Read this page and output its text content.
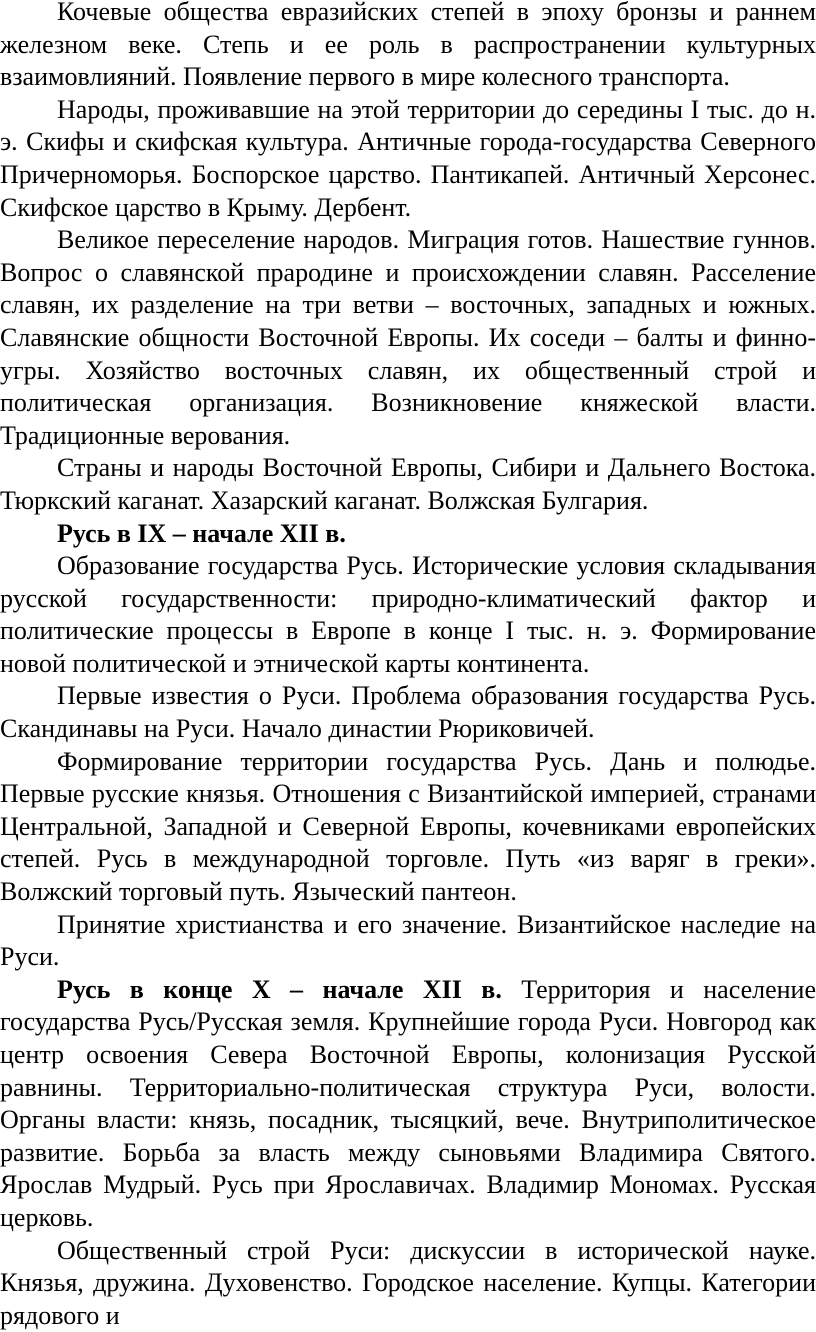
Кочевые общества евразийских степей в эпоху бронзы и раннем железном веке. Степь и ее роль в распространении культурных взаимовлияний. Появление первого в мире колесного транспорта.

Народы, проживавшие на этой территории до середины I тыс. до н. э. Скифы и скифская культура. Античные города-государства Северного Причерноморья. Боспорское царство. Пантикапей. Античный Херсонес. Скифское царство в Крыму. Дербент.

Великое переселение народов. Миграция готов. Нашествие гуннов. Вопрос о славянской прародине и происхождении славян. Расселение славян, их разделение на три ветви – восточных, западных и южных. Славянские общности Восточной Европы. Их соседи – балты и финно-угры. Хозяйство восточных славян, их общественный строй и политическая организация. Возникновение княжеской власти. Традиционные верования.

Страны и народы Восточной Европы, Сибири и Дальнего Востока. Тюркский каганат. Хазарский каганат. Волжская Булгария.

Русь в IX – начале XII в.

Образование государства Русь. Исторические условия складывания русской государственности: природно-климатический фактор и политические процессы в Европе в конце I тыс. н. э. Формирование новой политической и этнической карты континента.

Первые известия о Руси. Проблема образования государства Русь. Скандинавы на Руси. Начало династии Рюриковичей.

Формирование территории государства Русь. Дань и полюдье. Первые русские князья. Отношения с Византийской империей, странами Центральной, Западной и Северной Европы, кочевниками европейских степей. Русь в международной торговле. Путь «из варяг в греки». Волжский торговый путь. Языческий пантеон.

Принятие христианства и его значение. Византийское наследие на Руси.

Русь в конце X – начале XII в. Территория и население государства Русь/Русская земля. Крупнейшие города Руси. Новгород как центр освоения Севера Восточной Европы, колонизация Русской равнины. Территориально-политическая структура Руси, волости. Органы власти: князь, посадник, тысяцкий, вече. Внутриполитическое развитие. Борьба за власть между сыновьями Владимира Святого. Ярослав Мудрый. Русь при Ярославичах. Владимир Мономах. Русская церковь.

Общественный строй Руси: дискуссии в исторической науке. Князья, дружина. Духовенство. Городское население. Купцы. Категории рядового и
